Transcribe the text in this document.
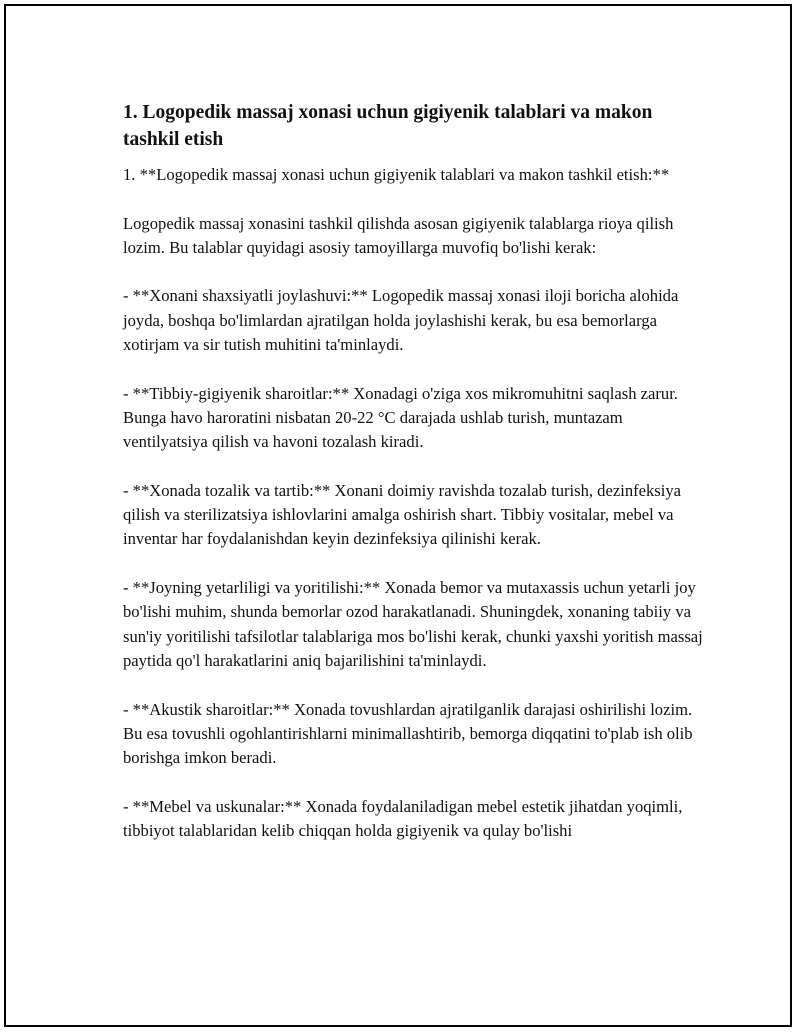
1. Logopedik massaj xonasi uchun gigiyenik talablari va makon tashkil etish

1. **Logopedik massaj xonasi uchun gigiyenik talablari va makon tashkil etish:**

Logopedik massaj xonasini tashkil qilishda asosan gigiyenik talablarga rioya qilish lozim. Bu talablar quyidagi asosiy tamoyillarga muvofiq bo'lishi kerak:

- **Xonani shaxsiyatli joylashuvi:** Logopedik massaj xonasi iloji boricha alohida joyda, boshqa bo'limlardan ajratilgan holda joylashishi kerak, bu esa bemorlarga xotirjam va sir tutish muhitini ta'minlaydi.

- **Tibbiy-gigiyenik sharoitlar:** Xonadagi o'ziga xos mikromuhitni saqlash zarur. Bunga havo haroratini nisbatan 20-22 °C darajada ushlab turish, muntazam ventilyatsiya qilish va havoni tozalash kiradi.

- **Xonada tozalik va tartib:** Xonani doimiy ravishda tozalab turish, dezinfeksiya qilish va sterilizatsiya ishlovlarini amalga oshirish shart. Tibbiy vositalar, mebel va inventar har foydalanishdan keyin dezinfeksiya qilinishi kerak.

- **Joyning yetarliligi va yoritilishi:** Xonada bemor va mutaxassis uchun yetarli joy bo'lishi muhim, shunda bemorlar ozod harakatlanadi. Shuningdek, xonaning tabiiy va sun'iy yoritilishi tafsilotlar talablariga mos bo'lishi kerak, chunki yaxshi yoritish massaj paytida qo'l harakatlarini aniq bajarilishini ta'minlaydi.

- **Akustik sharoitlar:** Xonada tovushlardan ajratilganlik darajasi oshirilishi lozim. Bu esa tovushli ogohlantirishlarni minimallashtirib, bemorga diqqatini to'plab ish olib borishga imkon beradi.

- **Mebel va uskunalar:** Xonada foydalaniladigan mebel estetik jihatdan yoqimli, tibbiyot talablaridan kelib chiqqan holda gigiyenik va qulay bo'lishi
